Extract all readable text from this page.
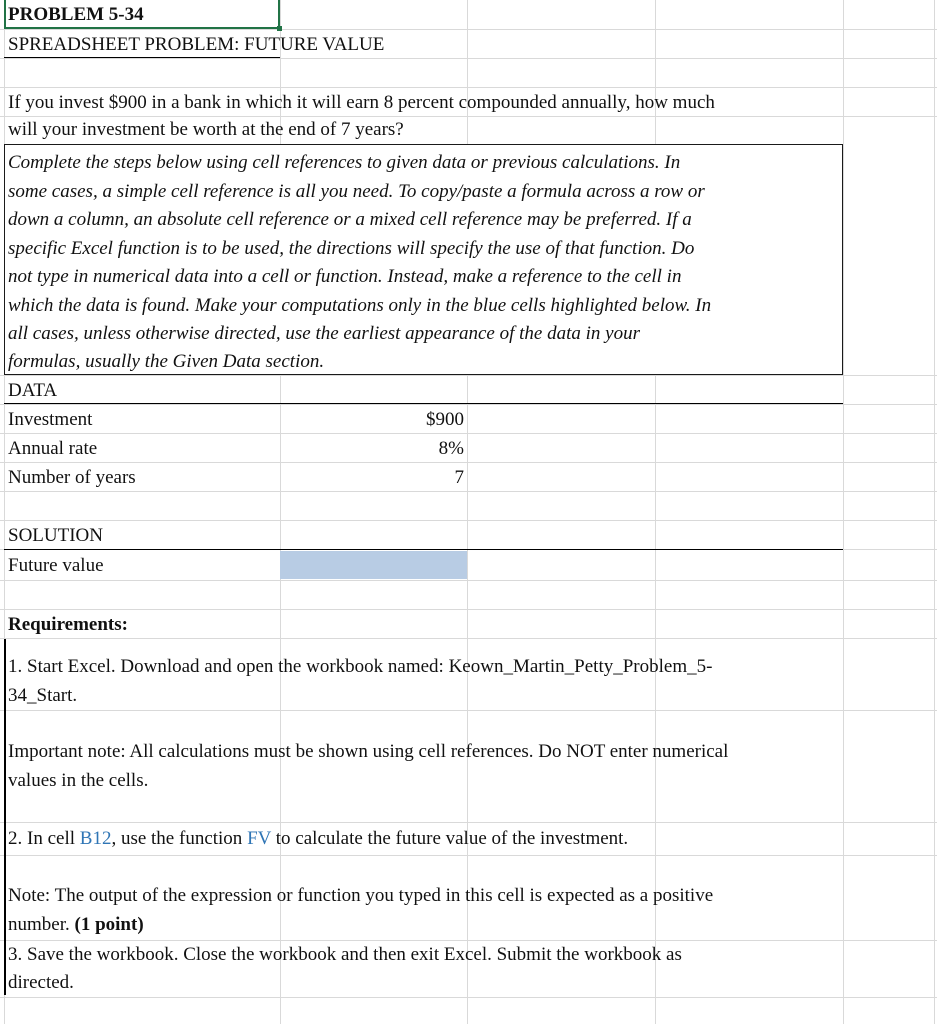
PROBLEM 5-34
SPREADSHEET PROBLEM: FUTURE VALUE
If you invest $900 in a bank in which it will earn 8 percent compounded annually, how much
will your investment be worth at the end of 7 years?
Complete the steps below using cell references to given data or previous calculations. In
some cases, a simple cell reference is all you need. To copy/paste a formula across a row or
down a column, an absolute cell reference or a mixed cell reference may be preferred. If a
specific Excel function is to be used, the directions will specify the use of that function. Do
not type in numerical data into a cell or function. Instead, make a reference to the cell in
which the data is found. Make your computations only in the blue cells highlighted below. In
all cases, unless otherwise directed, use the earliest appearance of the data in your
formulas, usually the Given Data section.
DATA
Investment	$900
Annual rate	8%
Number of years	7
SOLUTION
Future value
Requirements:
1. Start Excel. Download and open the workbook named: Keown_Martin_Petty_Problem_5-
34_Start.
Important note: All calculations must be shown using cell references. Do NOT enter numerical
values in the cells.
2. In cell B12, use the function FV to calculate the future value of the investment.
Note: The output of the expression or function you typed in this cell is expected as a positive
number. (1 point)
3. Save the workbook. Close the workbook and then exit Excel. Submit the workbook as
directed.
